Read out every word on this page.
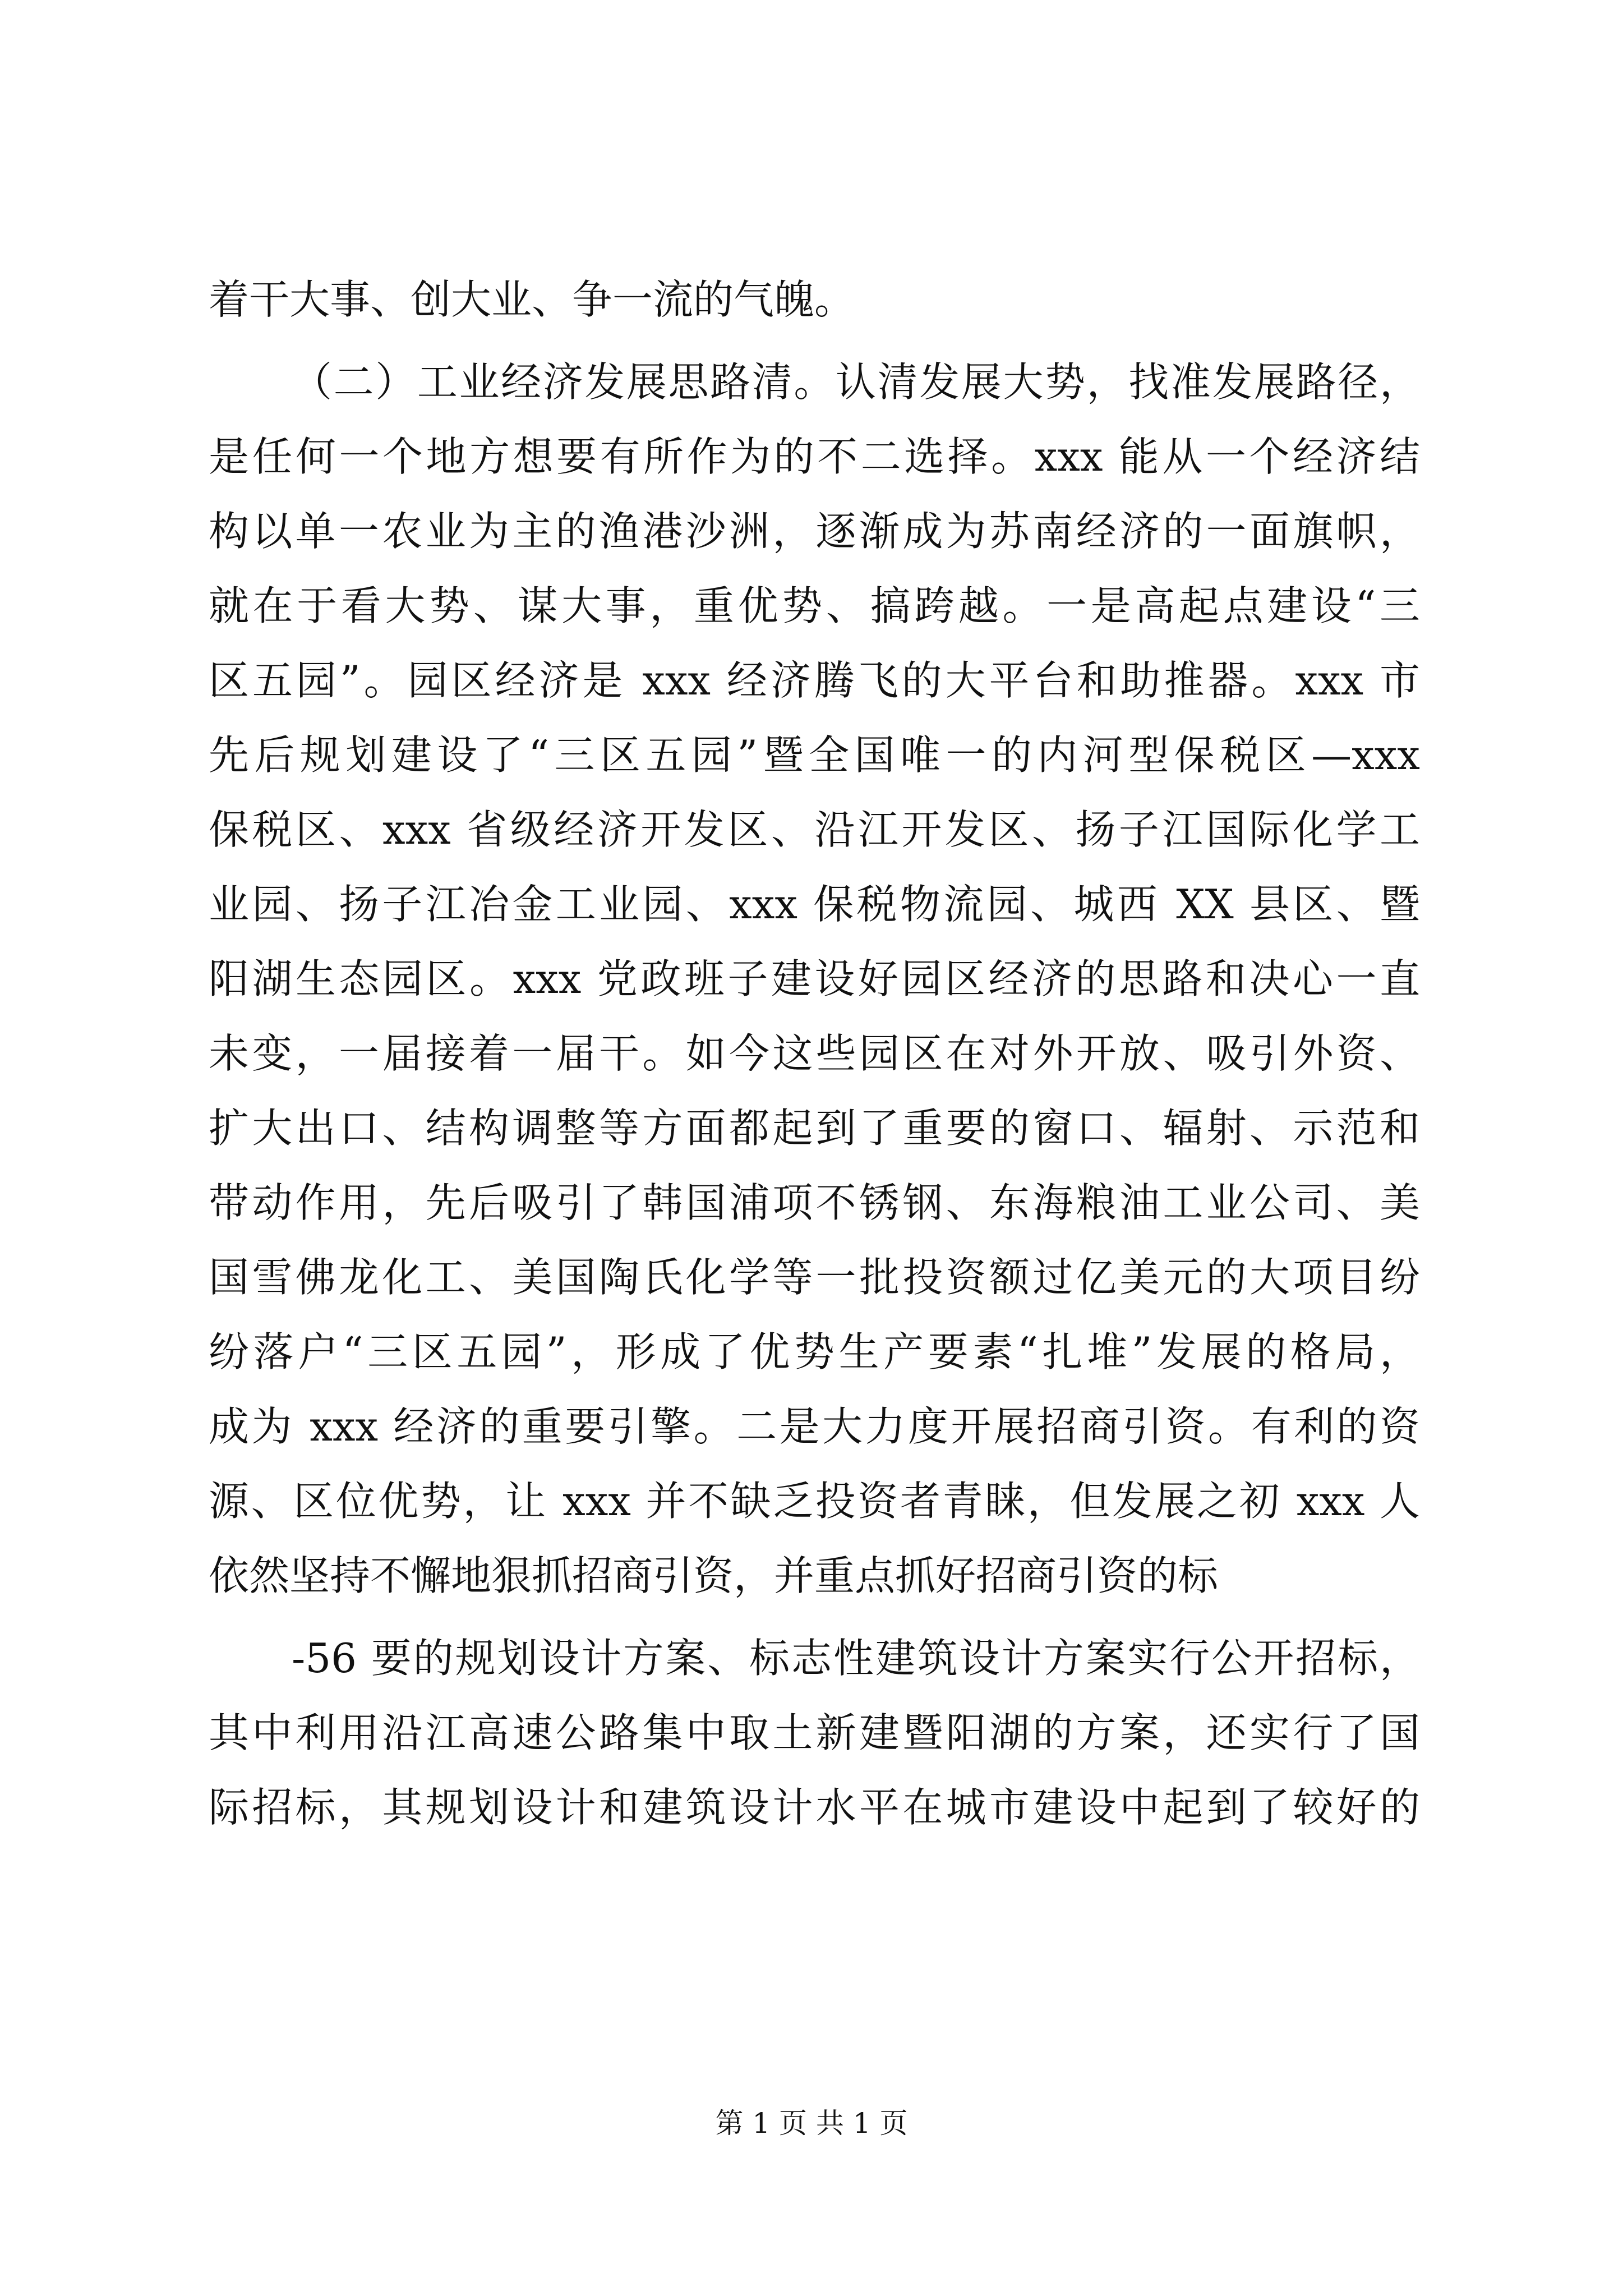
着干大事、创大业、争一流的气魄。
（二）工业经济发展思路清。认清发展大势，找准发展路径，
是任何一个地方想要有所作为的不二选择。xxx 能从一个经济结
构以单一农业为主的渔港沙洲，逐渐成为苏南经济的一面旗帜，
就在于看大势、谋大事，重优势、搞跨越。一是高起点建设“三
区五园”。园区经济是 xxx 经济腾飞的大平台和助推器。xxx 市
先后规划建设了“三区五园”暨全国唯一的内河型保税区—xxx
保税区、xxx 省级经济开发区、沿江开发区、扬子江国际化学工
业园、扬子江冶金工业园、xxx 保税物流园、城西 XX 县区、暨
阳湖生态园区。xxx 党政班子建设好园区经济的思路和决心一直
未变，一届接着一届干。如今这些园区在对外开放、吸引外资、
扩大出口、结构调整等方面都起到了重要的窗口、辐射、示范和
带动作用，先后吸引了韩国浦项不锈钢、东海粮油工业公司、美
国雪佛龙化工、美国陶氏化学等一批投资额过亿美元的大项目纷
纷落户“三区五园”，形成了优势生产要素“扎堆”发展的格局，
成为 xxx 经济的重要引擎。二是大力度开展招商引资。有利的资
源、区位优势，让 xxx 并不缺乏投资者青睐，但发展之初 xxx 人
依然坚持不懈地狠抓招商引资，并重点抓好招商引资的标
-56 要的规划设计方案、标志性建筑设计方案实行公开招标，
其中利用沿江高速公路集中取土新建暨阳湖的方案，还实行了国
际招标，其规划设计和建筑设计水平在城市建设中起到了较好的
第 1 页 共 1 页
